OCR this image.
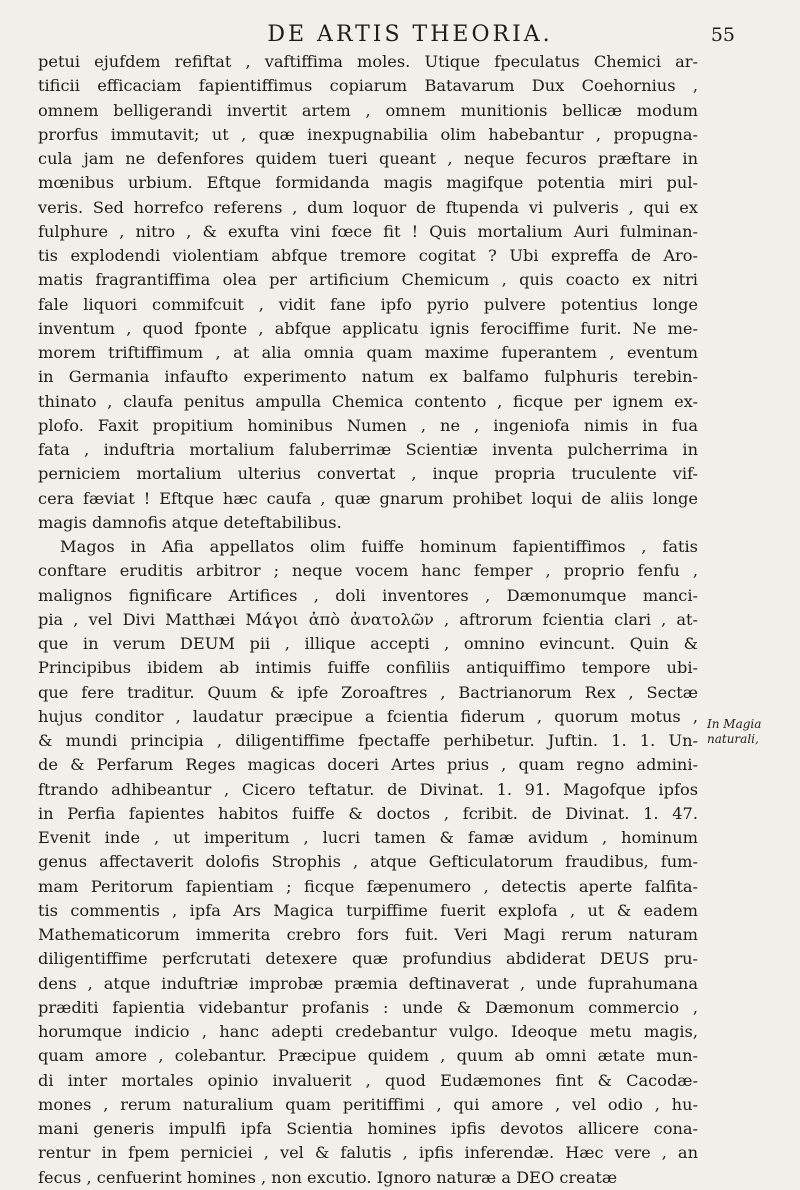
DE ARTIS THEORIA.	55
petui ejufdem refiftat , vaftiffima moles. Utique fpeculatus Chemici ar-
tificii efficaciam fapientiffimus copiarum Batavarum Dux Coehornius ,
omnem belligerandi invertit artem , omnem munitionis bellicæ modum
prorfus immutavit; ut , quæ inexpugnabilia olim habebantur , propugna-
cula jam ne defenfores quidem tueri queant , neque fecuros præftare in
mœnibus urbium. Eftque formidanda magis magifque potentia miri pul-
veris. Sed horrefco referens , dum loquor de ftupenda vi pulveris , qui ex
fulphure , nitro , & exufta vini fœce fit ! Quis mortalium Auri fulminan-
tis explodendi violentiam abfque tremore cogitat ? Ubi expreffa de Aro-
matis fragrantiffima olea per artificium Chemicum , quis coacto ex nitri
fale liquori commifcuit , vidit fane ipfo pyrio pulvere potentius longe
inventum , quod fponte , abfque applicatu ignis ferociffime furit. Ne me-
morem triftiffimum , at alia omnia quam maxime fuperantem , eventum
in Germania infaufto experimento natum ex balfamo fulphuris terebin-
thinato , claufa penitus ampulla Chemica contento , ficque per ignem ex-
plofo. Faxit propitium hominibus Numen , ne , ingeniofa nimis in fua
fata , induftria mortalium faluberrimæ Scientiæ inventa pulcherrima in
perniciem mortalium ulterius convertat , inque propria truculente vif-
cera fæviat ! Eftque hæc caufa , quæ gnarum prohibet loqui de aliis longe
magis damnofis atque deteftabilibus.
Magos in Afia appellatos olim fuiffe hominum fapientiffimos , fatis
conftare eruditis arbitror ; neque vocem hanc femper , proprio fenfu ,
malignos fignificare Artifices , doli inventores , Dæmonumque manci-
pia , vel Divi Matthæi Μάγοι ἀπὸ ἀνατολῶν , aftrorum fcientia clari , at-
que in verum DEUM pii , illique accepti , omnino evincunt. Quin &
Principibus ibidem ab intimis fuiffe confiliis antiquiffimo tempore ubi-
que fere traditur. Quum & ipfe Zoroaftres , Bactrianorum Rex , Sectæ
hujus conditor , laudatur præcipue a fcientia fiderum , quorum motus ,
& mundi principia , diligentiffime fpectaffe perhibetur. Juftin. 1. 1. Un-
de & Perfarum Reges magicas doceri Artes prius , quam regno admini-
ftrando adhibeantur , Cicero teftatur. de Divinat. 1. 91. Magofque ipfos
in Perfia fapientes habitos fuiffe & doctos , fcribit. de Divinat. 1. 47.
Evenit inde , ut imperitum , lucri tamen & famæ avidum , hominum
genus affectaverit dolofis Strophis , atque Gefticulatorum fraudibus, fum-
mam Peritorum fapientiam ; ficque fæpenumero , detectis aperte falfita-
tis commentis , ipfa Ars Magica turpiffime fuerit explofa , ut & eadem
Mathematicorum immerita crebro fors fuit. Veri Magi rerum naturam
diligentiffime perfcrutati detexere quæ profundius abdiderat DEUS pru-
dens , atque induftriæ improbæ præmia deftinaverat , unde fuprahumana
præditi fapientia videbantur profanis : unde & Dæmonum commercio ,
horumque indicio , hanc adepti credebantur vulgo. Ideoque metu magis,
quam amore , colebantur. Præcipue quidem , quum ab omni ætate mun-
di inter mortales opinio invaluerit , quod Eudæmones fint & Cacodæ-
mones , rerum naturalium quam peritiffimi , qui amore , vel odio , hu-
mani generis impulfi ipfa Scientia homines ipfis devotos allicere cona-
rentur in fpem perniciei , vel & falutis , ipfis inferendæ. Hæc vere , an
fecus , cenfuerint homines , non excutio. Ignoro naturæ a DEO creatæ
In Magia naturali,
